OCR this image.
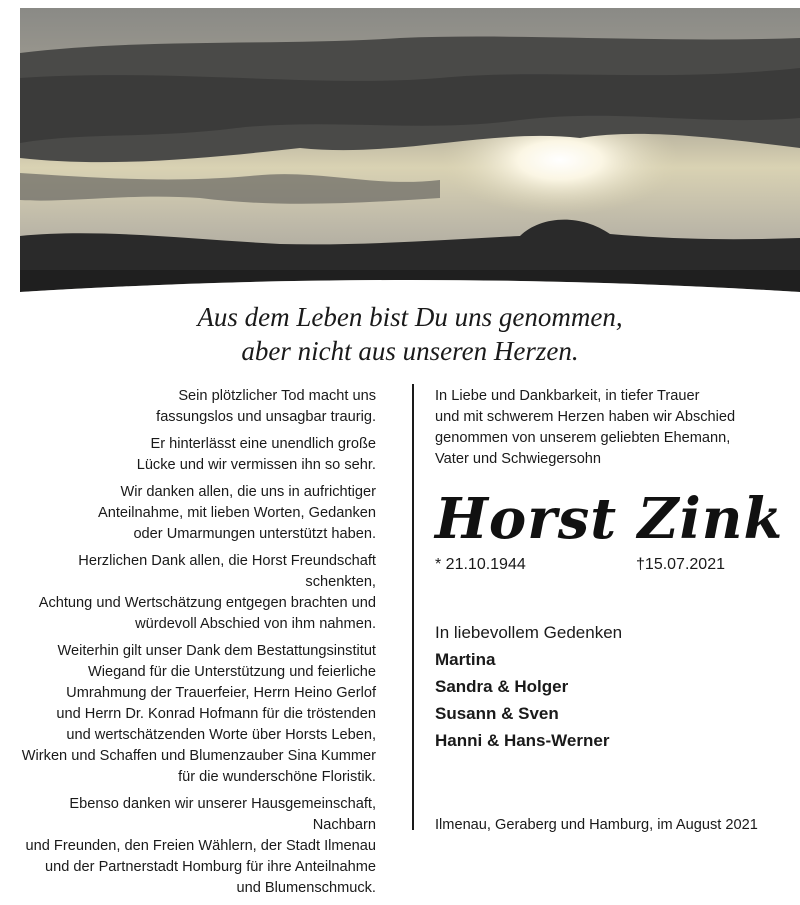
Aus dem Leben bist Du uns genommen,
aber nicht aus unseren Herzen.

Sein plötzlicher Tod macht uns
fassungslos und unsagbar traurig.

Er hinterlässt eine unendlich große
Lücke und wir vermissen ihn so sehr.

Wir danken allen, die uns in aufrichtiger
Anteilnahme, mit lieben Worten, Gedanken
oder Umarmungen unterstützt haben.

Herzlichen Dank allen, die Horst Freundschaft schenkten,
Achtung und Wertschätzung entgegen brachten und
würdevoll Abschied von ihm nahmen.

Weiterhin gilt unser Dank dem Bestattungsinstitut
Wiegand für die Unterstützung und feierliche
Umrahmung der Trauerfeier, Herrn Heino Gerlof
und Herrn Dr. Konrad Hofmann für die tröstenden
und wertschätzenden Worte über Horsts Leben,
Wirken und Schaffen und Blumenzauber Sina Kummer
für die wunderschöne Floristik.

Ebenso danken wir unserer Hausgemeinschaft, Nachbarn
und Freunden, den Freien Wählern, der Stadt Ilmenau
und der Partnerstadt Homburg für ihre Anteilnahme
und Blumenschmuck.

In Liebe und Dankbarkeit, in tiefer Trauer
und mit schwerem Herzen haben wir Abschied
genommen von unserem geliebten Ehemann,
Vater und Schwiegersohn
Horst Zink
* 21.10.1944	†15.07.2021
In liebevollem Gedenken
Martina
Sandra & Holger
Susann & Sven
Hanni & Hans-Werner
Ilmenau, Geraberg und Hamburg, im August 2021
